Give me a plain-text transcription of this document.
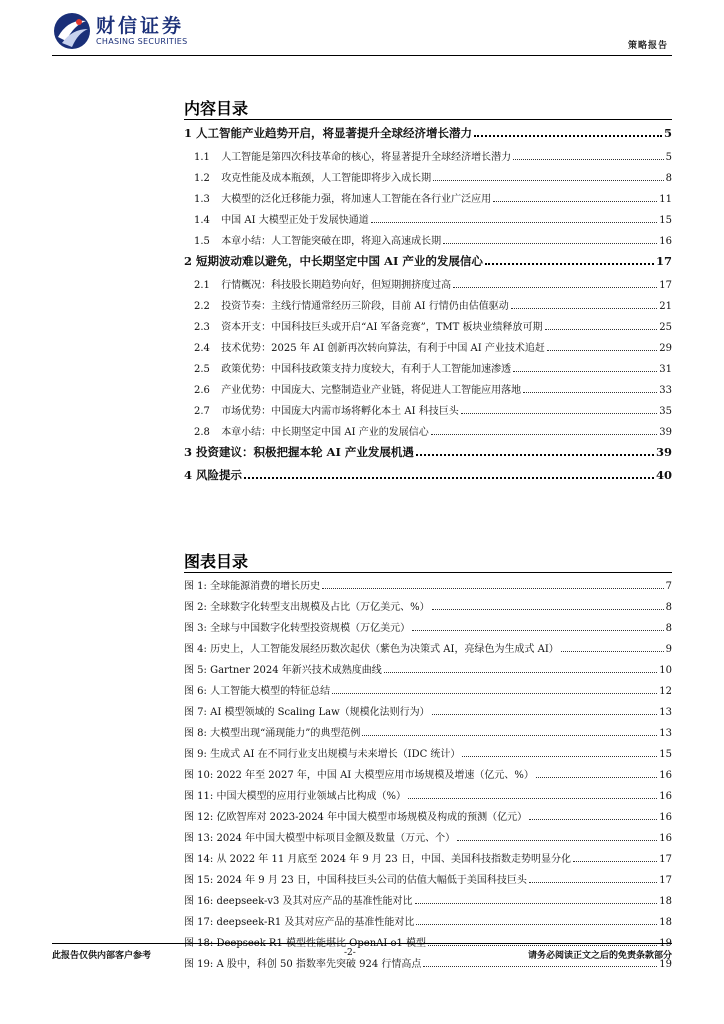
财信证券
CHASING SECURITIES	策略报告
内容目录
1 人工智能产业趋势开启，将显著提升全球经济增长潜力	5
1.1 人工智能是第四次科技革命的核心，将显著提升全球经济增长潜力	5
1.2 攻克性能及成本瓶颈，人工智能即将步入成长期	8
1.3 大模型的泛化迁移能力强，将加速人工智能在各行业广泛应用	11
1.4 中国 AI 大模型正处于发展快通道	15
1.5 本章小结：人工智能突破在即，将迎入高速成长期	16
2 短期波动难以避免，中长期坚定中国 AI 产业的发展信心	17
2.1 行情概况：科技股长期趋势向好，但短期拥挤度过高	17
2.2 投资节奏：主线行情通常经历三阶段，目前 AI 行情仍由估值驱动	21
2.3 资本开支：中国科技巨头或开启“AI 军备竞赛”，TMT 板块业绩释放可期	25
2.4 技术优势：2025 年 AI 创新再次转向算法，有利于中国 AI 产业技术追赶	29
2.5 政策优势：中国科技政策支持力度较大，有利于人工智能加速渗透	31
2.6 产业优势：中国庞大、完整制造业产业链，将促进人工智能应用落地	33
2.7 市场优势：中国庞大内需市场将孵化本土 AI 科技巨头	35
2.8 本章小结：中长期坚定中国 AI 产业的发展信心	39
3 投资建议：积极把握本轮 AI 产业发展机遇	39
4 风险提示	40
图表目录
图 1: 全球能源消费的增长历史	7
图 2: 全球数字化转型支出规模及占比（万亿美元、%）	8
图 3: 全球与中国数字化转型投资规模（万亿美元）	8
图 4: 历史上，人工智能发展经历数次起伏（紫色为决策式 AI，亮绿色为生成式 AI）	9
图 5: Gartner 2024 年新兴技术成熟度曲线	10
图 6: 人工智能大模型的特征总结	12
图 7: AI 模型领域的 Scaling Law（规模化法则行为）	13
图 8: 大模型出现“涌现能力”的典型范例	13
图 9: 生成式 AI 在不同行业支出规模与未来增长（IDC 统计）	15
图 10: 2022 年至 2027 年，中国 AI 大模型应用市场规模及增速（亿元、%）	16
图 11: 中国大模型的应用行业领域占比构成（%）	16
图 12: 亿欧智库对 2023-2024 年中国大模型市场规模及构成的预测（亿元）	16
图 13: 2024 年中国大模型中标项目金额及数量（万元、个）	16
图 14: 从 2022 年 11 月底至 2024 年 9 月 23 日，中国、美国科技指数走势明显分化	17
图 15: 2024 年 9 月 23 日，中国科技巨头公司的估值大幅低于美国科技巨头	17
图 16: deepseek-v3 及其对应产品的基准性能对比	18
图 17: deepseek-R1 及其对应产品的基准性能对比	18
图 18: Deepseek R1 模型性能堪比 OpenAI o1 模型	19
图 19: A 股中，科创 50 指数率先突破 924 行情高点	19
此报告仅供内部客户参考	-2-	请务必阅读正文之后的免责条款部分
